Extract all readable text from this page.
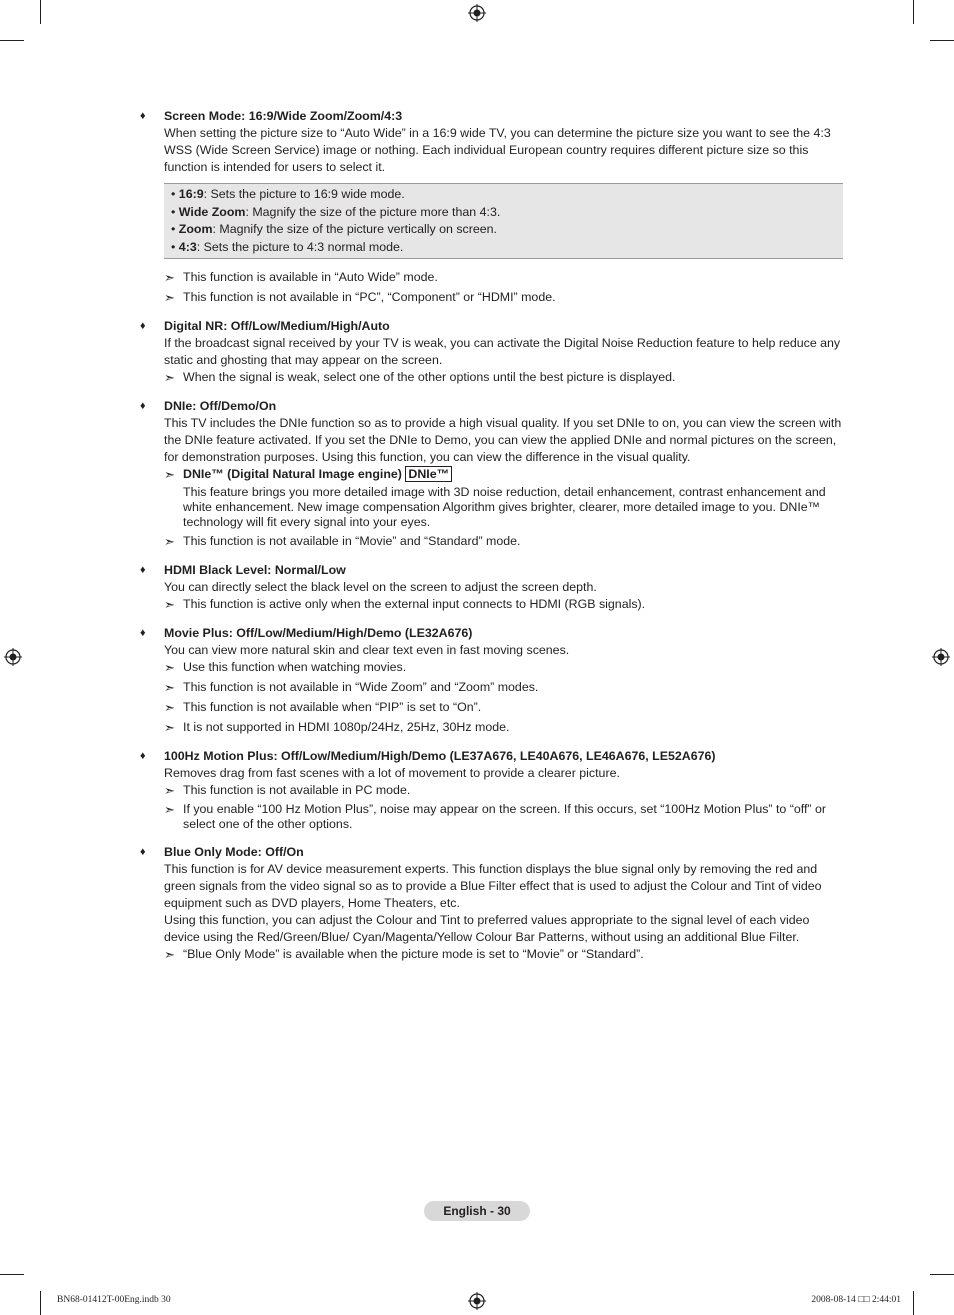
♦ Screen Mode: 16:9/Wide Zoom/Zoom/4:3
When setting the picture size to “Auto Wide” in a 16:9 wide TV, you can determine the picture size you want to see the 4:3 WSS (Wide Screen Service) image or nothing. Each individual European country requires different picture size so this function is intended for users to select it.
• 16:9: Sets the picture to 16:9 wide mode.
• Wide Zoom: Magnify the size of the picture more than 4:3.
• Zoom: Magnify the size of the picture vertically on screen.
• 4:3: Sets the picture to 4:3 normal mode.
➣ This function is available in “Auto Wide” mode.
➣ This function is not available in “PC”, “Component” or “HDMI” mode.
♦ Digital NR: Off/Low/Medium/High/Auto
If the broadcast signal received by your TV is weak, you can activate the Digital Noise Reduction feature to help reduce any static and ghosting that may appear on the screen.
➣ When the signal is weak, select one of the other options until the best picture is displayed.
♦ DNIe: Off/Demo/On
This TV includes the DNIe function so as to provide a high visual quality. If you set DNIe to on, you can view the screen with the DNIe feature activated. If you set the DNIe to Demo, you can view the applied DNIe and normal pictures on the screen, for demonstration purposes. Using this function, you can view the difference in the visual quality.
➣ DNIe™ (Digital Natural Image engine) DNIe™
This feature brings you more detailed image with 3D noise reduction, detail enhancement, contrast enhancement and white enhancement. New image compensation Algorithm gives brighter, clearer, more detailed image to you. DNIe™ technology will fit every signal into your eyes.
➣ This function is not available in “Movie” and “Standard” mode.
♦ HDMI Black Level: Normal/Low
You can directly select the black level on the screen to adjust the screen depth.
➣ This function is active only when the external input connects to HDMI (RGB signals).
♦ Movie Plus: Off/Low/Medium/High/Demo (LE32A676)
You can view more natural skin and clear text even in fast moving scenes.
➣ Use this function when watching movies.
➣ This function is not available in “Wide Zoom” and “Zoom” modes.
➣ This function is not available when “PIP” is set to “On”.
➣ It is not supported in HDMI 1080p/24Hz, 25Hz, 30Hz mode.
♦ 100Hz Motion Plus: Off/Low/Medium/High/Demo (LE37A676, LE40A676, LE46A676, LE52A676)
Removes drag from fast scenes with a lot of movement to provide a clearer picture.
➣ This function is not available in PC mode.
➣ If you enable “100 Hz Motion Plus”, noise may appear on the screen. If this occurs, set “100Hz Motion Plus” to “off” or select one of the other options.
♦ Blue Only Mode: Off/On
This function is for AV device measurement experts. This function displays the blue signal only by removing the red and green signals from the video signal so as to provide a Blue Filter effect that is used to adjust the Colour and Tint of video equipment such as DVD players, Home Theaters, etc.
Using this function, you can adjust the Colour and Tint to preferred values appropriate to the signal level of each video device using the Red/Green/Blue/ Cyan/Magenta/Yellow Colour Bar Patterns, without using an additional Blue Filter.
➣ “Blue Only Mode” is available when the picture mode is set to “Movie” or “Standard”.
English - 30
BN68-01412T-00Eng.indb 30	2008-08-14 □□ 2:44:01
